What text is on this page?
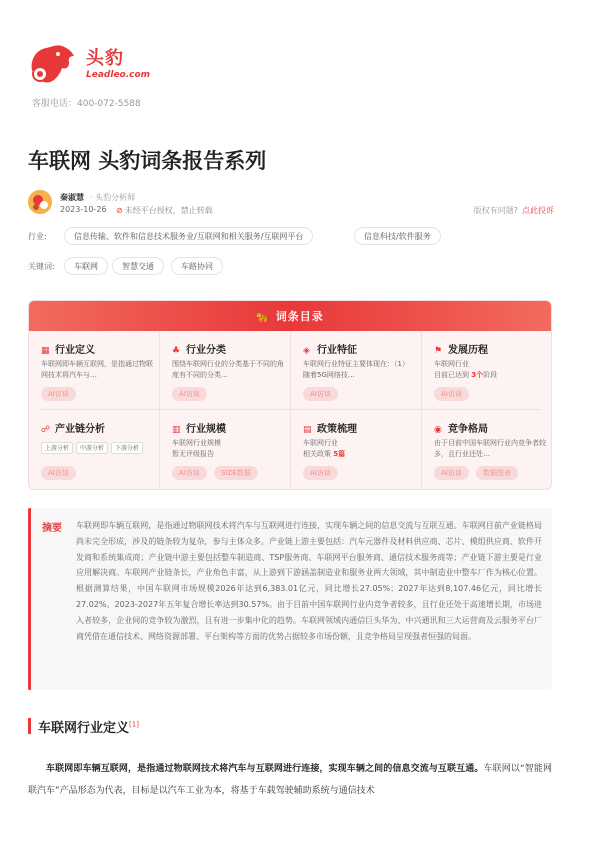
头豹
Leadleo.com
客服电话：400-072-5588
车联网 头豹词条报告系列
秦淑慧 · 头豹分析师
2023-10-26 ⊘ 未经平台授权，禁止转载	版权有问题? 点此投诉
行业:	信息传输、软件和信息技术服务业/互联网和相关服务/互联网平台	信息科技/软件服务
关键词:	车联网	智慧交通	车路协同
🐆 词条目录
▦ 行业定义
车联网即车辆互联网，是指通过物联网技术将汽车与…
AI访谈
♣ 行业分类
围绕车联网行业的分类基于不同的角度有不同的分类…
AI访谈
◈ 行业特征
车联网行业特征主要体现在：（1）随着5G网络技…
AI访谈
⚑ 发展历程
车联网行业
目前已达到 3个阶段
AI访谈
☍ 产业链分析
上游分析	中游分析	下游分析
AI访谈
▥ 行业规模
车联网行业规模
暂无评级报告
AI访谈	SIZE数据
▤ 政策梳理
车联网行业
相关政策 5篇
AI访谈
◉ 竞争格局
由于目前中国车联网行业内竞争者较多，且行业还处…
AI访谈	数据图表
摘要 车联网即车辆互联网，是指通过物联网技术将汽车与互联网进行连接，实现车辆之间的信息交流与互联互通。车联网目前产业链格局尚未完全形成，涉及的链条较为复杂，参与主体众多。产业链上游主要包括：汽车元器件及材料供应商、芯片、模组供应商、软件开发商和系统集成商；产业链中游主要包括整车制造商、TSP服务商、车联网平台服务商、通信技术服务商等；产业链下游主要是行业应用解决商。车联网产业链条长，产业角色丰富，从上游到下游涵盖制造业和服务业两大领域，其中制造业中整车厂作为核心位置。根据测算结果，中国车联网市场规模2026年达到6,383.01亿元，同比增长27.05%；2027年达到8,107.46亿元，同比增长27.02%。2023-2027年五年复合增长率达到30.57%。由于目前中国车联网行业内竞争者较多，且行业还处于高速增长期，市场进入者较多，企业间的竞争较为激烈，且有进一步集中化的趋势。车联网领域内通信巨头华为、中兴通讯和三大运营商及云服务平台厂商凭借在通信技术、网络资源部署、平台架构等方面的优势占据较多市场份额，且竞争格局呈现强者恒强的局面。
车联网行业定义[1]
车联网即车辆互联网，是指通过物联网技术将汽车与互联网进行连接，实现车辆之间的信息交流与互联互通。车联网以“智能网联汽车”产品形态为代表，目标是以汽车工业为本，将基于车载驾驶辅助系统与通信技术
